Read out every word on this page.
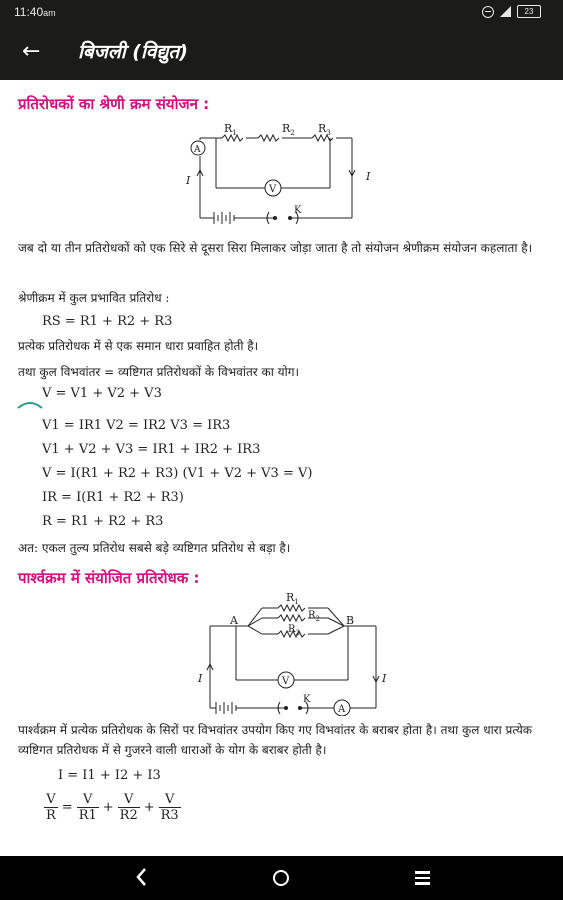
11:40am	23
←	बिजली (विद्युत)
प्रतिरोधकों का श्रेणी क्रम संयोजन :
$R_1$	$R_2$ $R_3$
A
V
K
I	I
जब दो या तीन प्रतिरोधकों को एक सिरे से दूसरा सिरा मिलाकर जोड़ा जाता है तो संयोजन श्रेणीक्रम संयोजन कहलाता है।
श्रेणीक्रम में कुल प्रभावित प्रतिरोध :
RS = R1 + R2 + R3
प्रत्येक प्रतिरोधक में से एक समान धारा प्रवाहित होती है।
तथा कुल विभवांतर = व्यष्टिगत प्रतिरोधकों के विभवांतर का योग।
V = V1 + V2 + V3
V1 = IR1 V2 = IR2 V3 = IR3
V1 + V2 + V3 = IR1 + IR2 + IR3
V = I(R1 + R2 + R3) (V1 + V2 + V3 = V)
IR = I(R1 + R2 + R3)
R = R1 + R2 + R3
अत: एकल तुल्य प्रतिरोध सबसे बड़े व्यष्टिगत प्रतिरोध से बड़ा है।
पार्श्वक्रम में संयोजित प्रतिरोधक :
A	B
$R_1$
$R_2$
$R_3$
V
A
K
I	I
पार्श्वक्रम में प्रत्येक प्रतिरोधक के सिरों पर विभवांतर उपयोग किए गए विभवांतर के बराबर होता है। तथा कुल धारा प्रत्येक व्यष्टिगत प्रतिरोधक में से गुजरने वाली धाराओं के योग के बराबर होती है।
I = I1 + I2 + I3
$\frac{V}{R} = \frac{V}{R1} + \frac{V}{R2} + \frac{V}{R3}$
